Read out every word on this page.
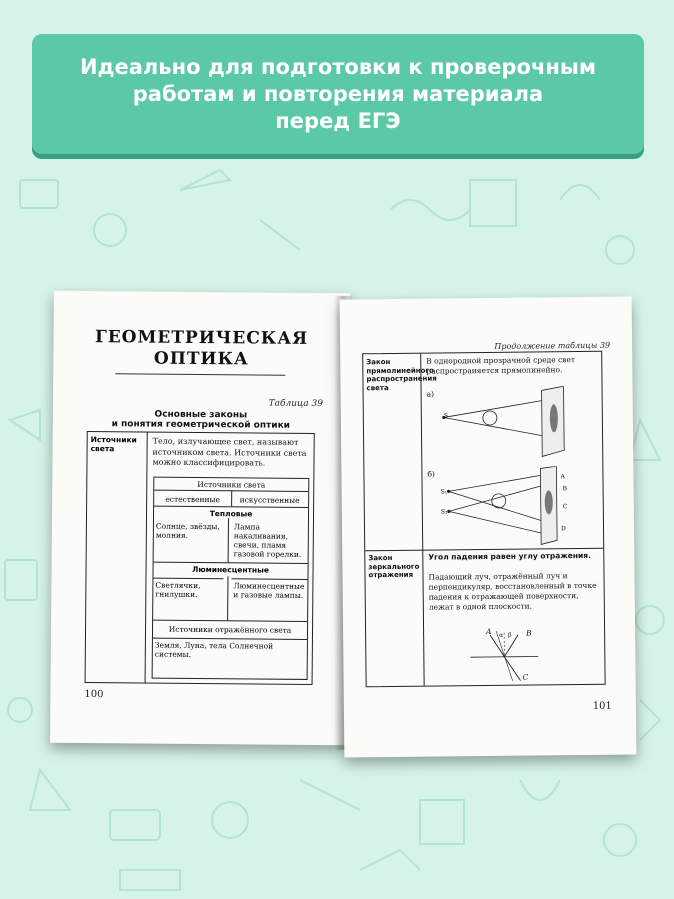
Идеально для подготовки к проверочным
работам и повторения материала
перед ЕГЭ
ГЕОМЕТРИЧЕСКАЯ
ОПТИКА
Таблица 39
Основные законы
и понятия геометрической оптики
Источники света
Тело, излучающее свет, называют источником света. Источники света можно классифицировать.
Источники света
естественные	искусственные
Тепловые
Солнце, звёзды, молния.
Лампа накаливания, свечи, пламя газовой горелки.
Люминесцентные
Светлячки, гнилушки.
Люминесцентные и газовые лампы.
Источники отражённого света
Земля, Луна, тела Солнечной системы.
100
Продолжение таблицы 39
Закон прямолинейного распространения света
В однородной прозрачной среде свет распространяется прямолинейно.
а)
S
б)
S₁
S₂
A
B
C
D
Закон зеркального отражения
Угол падения равен углу отражения.
Падающий луч, отражённый луч и перпендикуляр, восстановленный в точке падения к отражающей поверхности, лежат в одной плоскости.
A	B
C
α β
101
